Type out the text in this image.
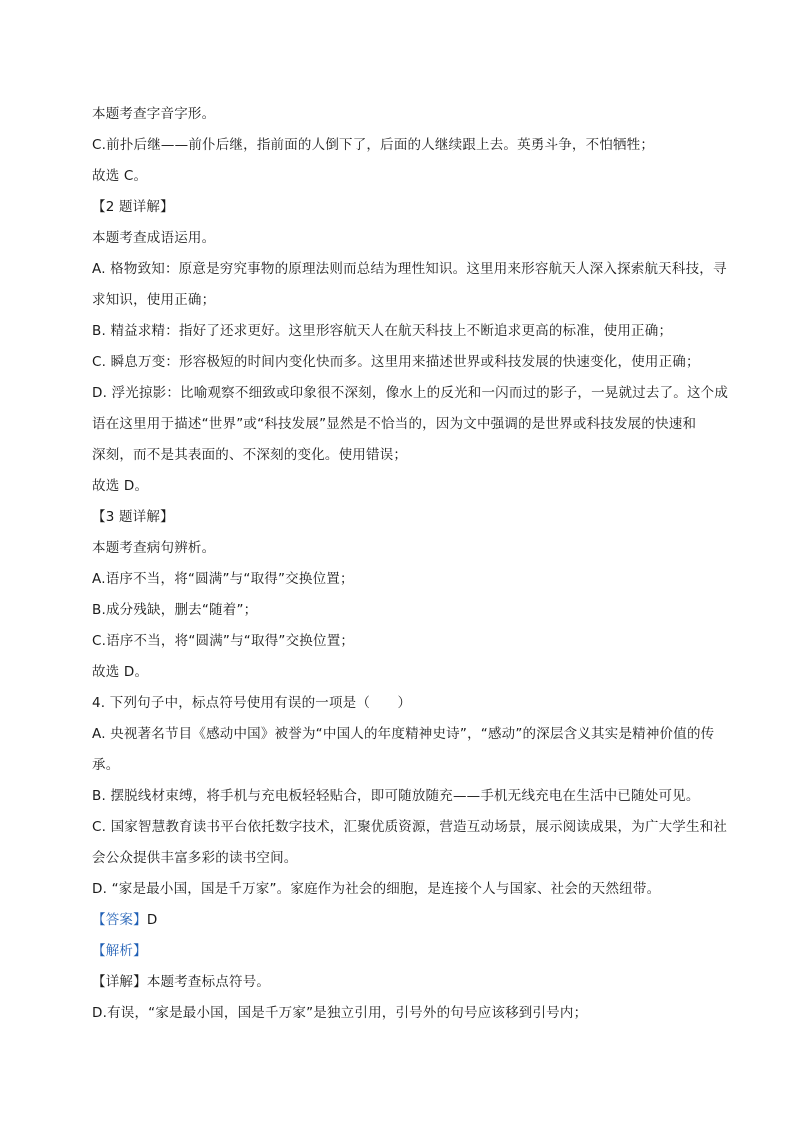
本题考查字音字形。
C.前扑后继——前仆后继，指前面的人倒下了，后面的人继续跟上去。英勇斗争，不怕牺牲；
故选 C。
【2 题详解】
本题考查成语运用。
A. 格物致知：原意是穷究事物的原理法则而总结为理性知识。这里用来形容航天人深入探索航天科技，寻
求知识，使用正确；
B. 精益求精：指好了还求更好。这里形容航天人在航天科技上不断追求更高的标准，使用正确；
C. 瞬息万变：形容极短的时间内变化快而多。这里用来描述世界或科技发展的快速变化，使用正确；
D. 浮光掠影：比喻观察不细致或印象很不深刻，像水上的反光和一闪而过的影子，一晃就过去了。这个成
语在这里用于描述“世界”或“科技发展”显然是不恰当的，因为文中强调的是世界或科技发展的快速和
深刻，而不是其表面的、不深刻的变化。使用错误；
故选 D。
【3 题详解】
本题考查病句辨析。
A.语序不当，将“圆满”与“取得”交换位置；
B.成分残缺，删去“随着”；
C.语序不当，将“圆满”与“取得”交换位置；
故选 D。
4. 下列句子中，标点符号使用有误的一项是（　　）
A. 央视著名节目《感动中国》被誉为“中国人的年度精神史诗”，“感动”的深层含义其实是精神价值的传
承。
B. 摆脱线材束缚，将手机与充电板轻轻贴合，即可随放随充——手机无线充电在生活中已随处可见。
C. 国家智慧教育读书平台依托数字技术，汇聚优质资源，营造互动场景，展示阅读成果，为广大学生和社
会公众提供丰富多彩的读书空间。
D. “家是最小国，国是千万家”。家庭作为社会的细胞，是连接个人与国家、社会的天然纽带。
【答案】D
【解析】
【详解】本题考查标点符号。
D.有误，“家是最小国，国是千万家”是独立引用，引号外的句号应该移到引号内；
